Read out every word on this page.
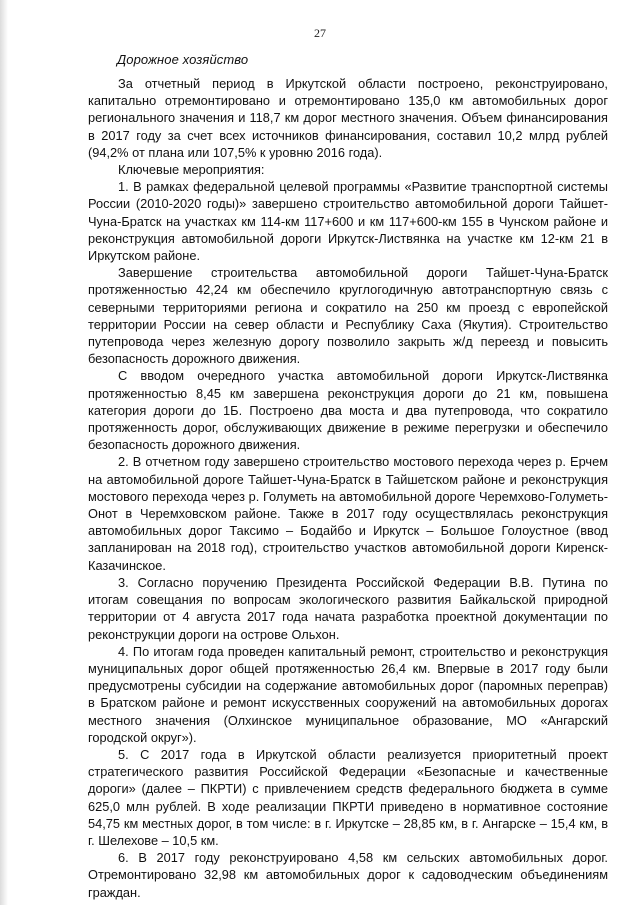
27
Дорожное хозяйство

За отчетный период в Иркутской области построено, реконструировано, капитально отремонтировано и отремонтировано 135,0 км автомобильных дорог регионального значения и 118,7 км дорог местного значения. Объем финансирования в 2017 году за счет всех источников финансирования, составил 10,2 млрд рублей (94,2% от плана или 107,5% к уровню 2016 года).

Ключевые мероприятия:

1. В рамках федеральной целевой программы «Развитие транспортной системы России (2010-2020 годы)» завершено строительство автомобильной дороги Тайшет-Чуна-Братск на участках км 114-км 117+600 и км 117+600-км 155 в Чунском районе и реконструкция автомобильной дороги Иркутск-Листвянка на участке км 12-км 21 в Иркутском районе.

Завершение строительства автомобильной дороги Тайшет-Чуна-Братск протяженностью 42,24 км обеспечило круглогодичную автотранспортную связь с северными территориями региона и сократило на 250 км проезд с европейской территории России на север области и Республику Саха (Якутия). Строительство путепровода через железную дорогу позволило закрыть ж/д переезд и повысить безопасность дорожного движения.

С вводом очередного участка автомобильной дороги Иркутск-Листвянка протяженностью 8,45 км завершена реконструкция дороги до 21 км, повышена категория дороги до 1Б. Построено два моста и два путепровода, что сократило протяженность дорог, обслуживающих движение в режиме перегрузки и обеспечило безопасность дорожного движения.

2. В отчетном году завершено строительство мостового перехода через р. Ерчем на автомобильной дороге Тайшет-Чуна-Братск в Тайшетском районе и реконструкция мостового перехода через р. Голуметь на автомобильной дороге Черемхово-Голуметь-Онот в Черемховском районе. Также в 2017 году осуществлялась реконструкция автомобильных дорог Таксимо – Бодайбо и Иркутск – Большое Голоустное (ввод запланирован на 2018 год), строительство участков автомобильной дороги Киренск-Казачинское.

3. Согласно поручению Президента Российской Федерации В.В. Путина по итогам совещания по вопросам экологического развития Байкальской природной территории от 4 августа 2017 года начата разработка проектной документации по реконструкции дороги на острове Ольхон.

4. По итогам года проведен капитальный ремонт, строительство и реконструкция муниципальных дорог общей протяженностью 26,4 км. Впервые в 2017 году были предусмотрены субсидии на содержание автомобильных дорог (паромных переправ) в Братском районе и ремонт искусственных сооружений на автомобильных дорогах местного значения (Олхинское муниципальное образование, МО «Ангарский городской округ»).

5. С 2017 года в Иркутской области реализуется приоритетный проект стратегического развития Российской Федерации «Безопасные и качественные дороги» (далее – ПКРТИ) с привлечением средств федерального бюджета в сумме 625,0 млн рублей. В ходе реализации ПКРТИ приведено в нормативное состояние 54,75 км местных дорог, в том числе: в г. Иркутске – 28,85 км, в г. Ангарске – 15,4 км, в г. Шелехове – 10,5 км.

6. В 2017 году реконструировано 4,58 км сельских автомобильных дорог. Отремонтировано 32,98 км автомобильных дорог к садоводческим объединениям граждан.
